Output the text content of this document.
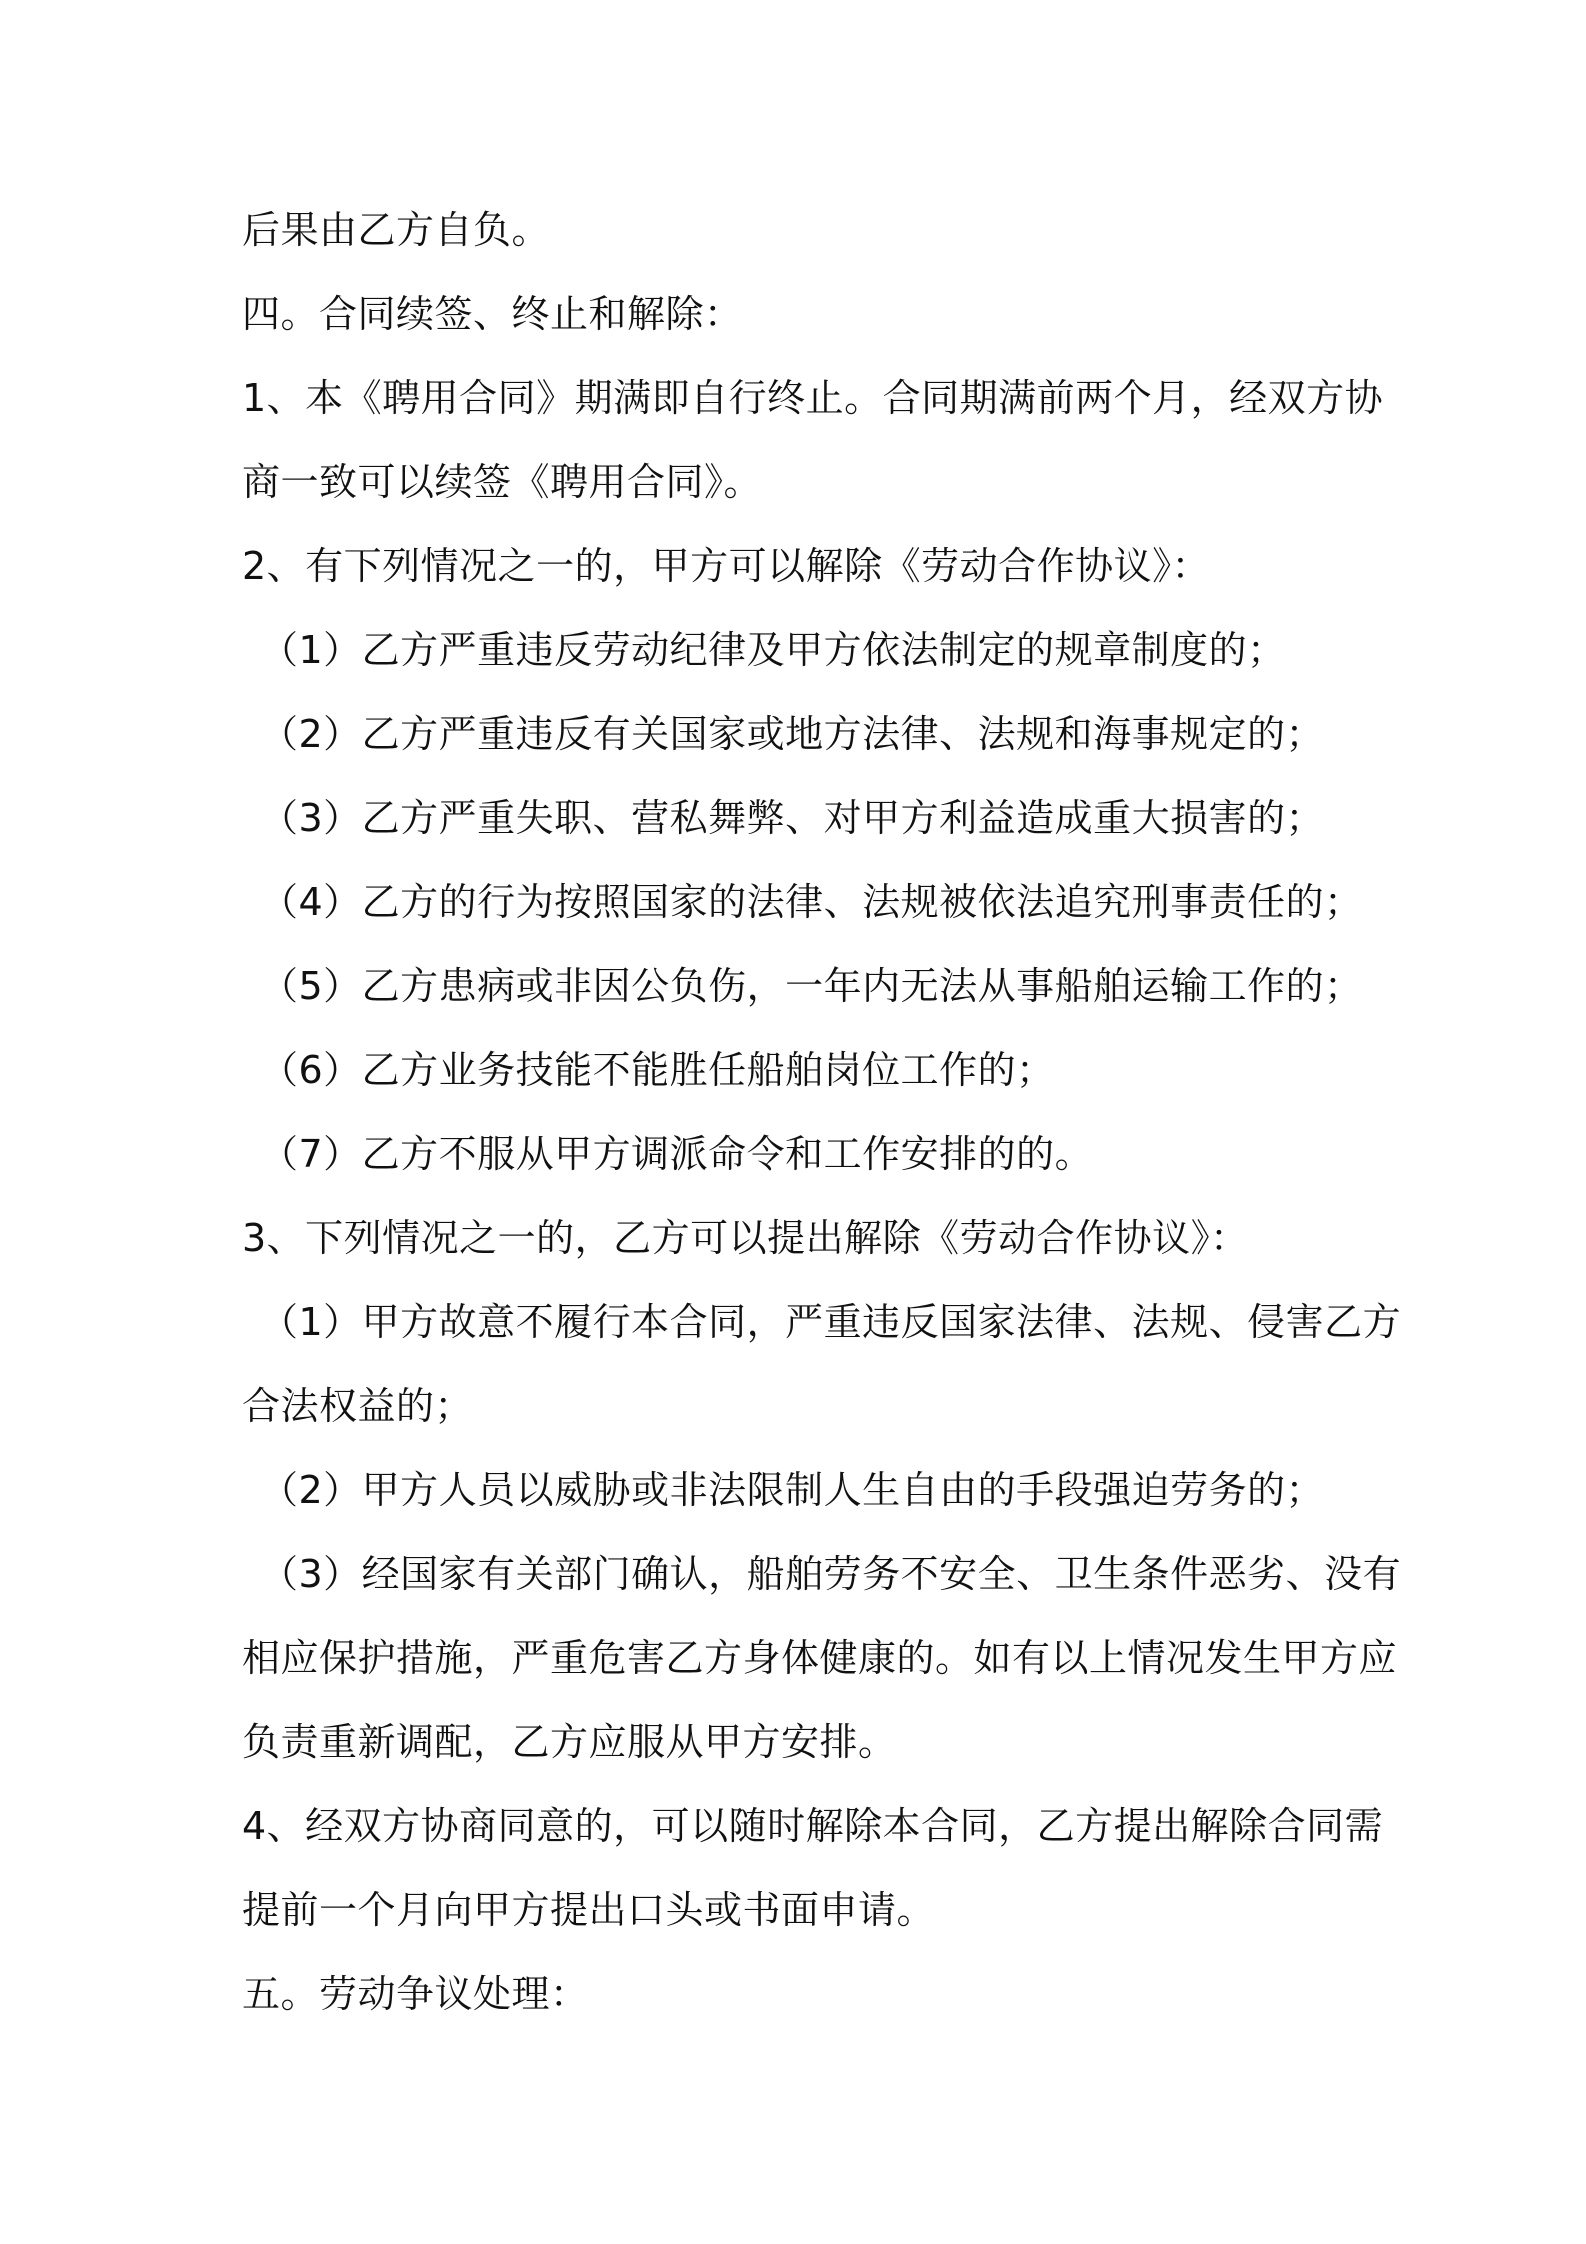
后果由乙方自负。

四。合同续签、终止和解除：

1、本《聘用合同》期满即自行终止。合同期满前两个月，经双方协

商一致可以续签《聘用合同》。

2、有下列情况之一的，甲方可以解除《劳动合作协议》：

（1）乙方严重违反劳动纪律及甲方依法制定的规章制度的；

（2）乙方严重违反有关国家或地方法律、法规和海事规定的；

（3）乙方严重失职、营私舞弊、对甲方利益造成重大损害的；

（4）乙方的行为按照国家的法律、法规被依法追究刑事责任的；

（5）乙方患病或非因公负伤，一年内无法从事船舶运输工作的；

（6）乙方业务技能不能胜任船舶岗位工作的；

（7）乙方不服从甲方调派命令和工作安排的的。

3、下列情况之一的，乙方可以提出解除《劳动合作协议》：

（1）甲方故意不履行本合同，严重违反国家法律、法规、侵害乙方

合法权益的；

（2）甲方人员以威胁或非法限制人生自由的手段强迫劳务的；

（3）经国家有关部门确认，船舶劳务不安全、卫生条件恶劣、没有

相应保护措施，严重危害乙方身体健康的。如有以上情况发生甲方应

负责重新调配，乙方应服从甲方安排。

4、经双方协商同意的，可以随时解除本合同，乙方提出解除合同需

提前一个月向甲方提出口头或书面申请。

五。劳动争议处理：
